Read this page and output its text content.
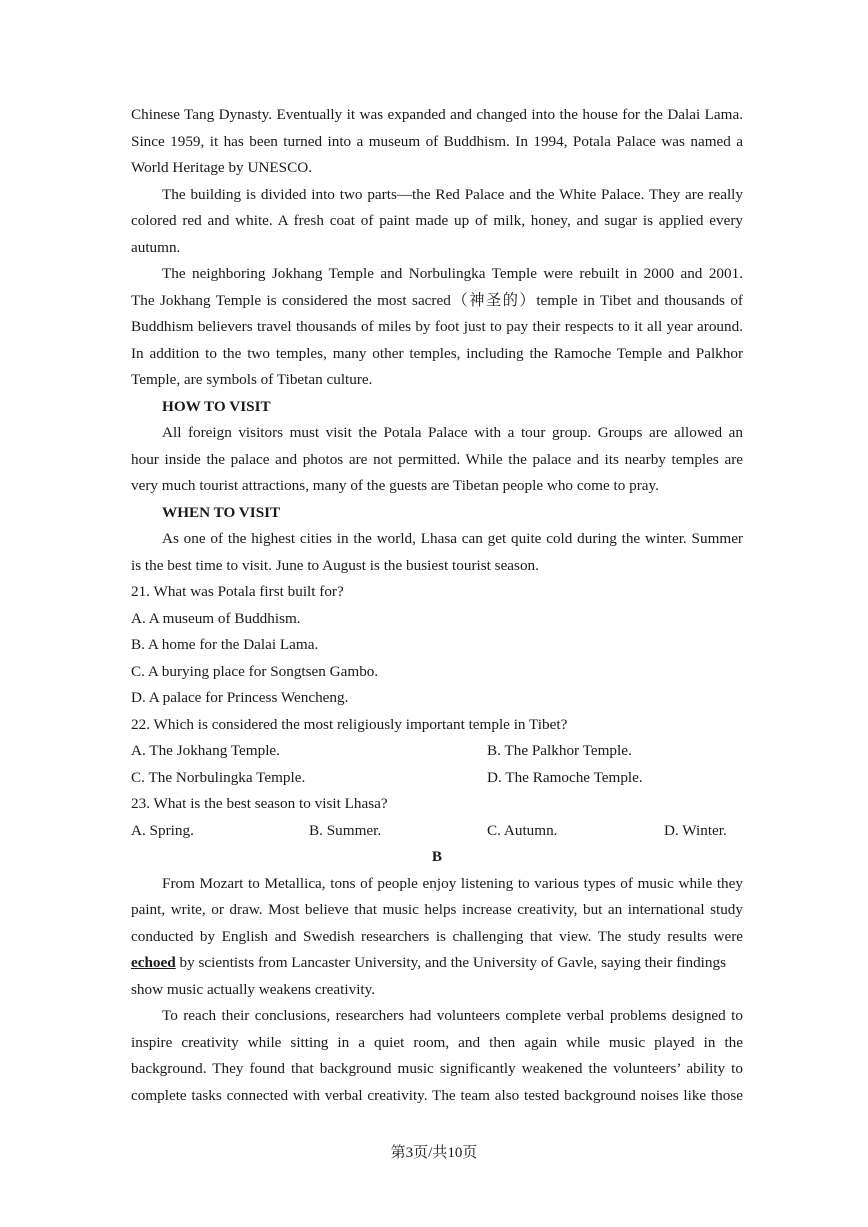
Chinese Tang Dynasty. Eventually it was expanded and changed into the house for the Dalai Lama.
Since 1959, it has been turned into a museum of Buddhism. In 1994, Potala Palace was named a
World Heritage by UNESCO.
The building is divided into two parts—the Red Palace and the White Palace. They are really
colored red and white. A fresh coat of paint made up of milk, honey, and sugar is applied every
autumn.
The neighboring Jokhang Temple and Norbulingka Temple were rebuilt in 2000 and 2001.
The Jokhang Temple is considered the most sacred（神圣的）temple in Tibet and thousands of
Buddhism believers travel thousands of miles by foot just to pay their respects to it all year around.
In addition to the two temples, many other temples, including the Ramoche Temple and Palkhor
Temple, are symbols of Tibetan culture.
HOW TO VISIT
All foreign visitors must visit the Potala Palace with a tour group. Groups are allowed an
hour inside the palace and photos are not permitted. While the palace and its nearby temples are
very much tourist attractions, many of the guests are Tibetan people who come to pray.
WHEN TO VISIT
As one of the highest cities in the world, Lhasa can get quite cold during the winter. Summer
is the best time to visit. June to August is the busiest tourist season.
21. What was Potala first built for?
A. A museum of Buddhism.
B. A home for the Dalai Lama.
C. A burying place for Songtsen Gambo.
D. A palace for Princess Wencheng.
22. Which is considered the most religiously important temple in Tibet?
A. The Jokhang Temple.	B. The Palkhor Temple.
C. The Norbulingka Temple.	D. The Ramoche Temple.
23. What is the best season to visit Lhasa?
A. Spring.	B. Summer.	C. Autumn.	D. Winter.
B
From Mozart to Metallica, tons of people enjoy listening to various types of music while they
paint, write, or draw. Most believe that music helps increase creativity, but an international study
conducted by English and Swedish researchers is challenging that view. The study results were
echoed by scientists from Lancaster University, and the University of Gavle, saying their findings
show music actually weakens creativity.
To reach their conclusions, researchers had volunteers complete verbal problems designed to
inspire creativity while sitting in a quiet room, and then again while music played in the
background. They found that background music significantly weakened the volunteers’ ability to
complete tasks connected with verbal creativity. The team also tested background noises like those
第3页/共10页
